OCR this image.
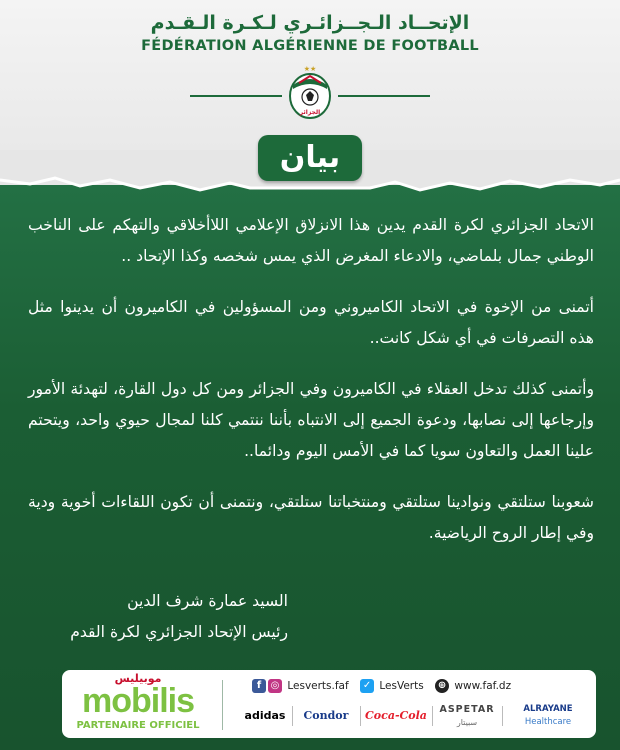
الإتحــاد الـجــزائـري لـكـرة الـقـدم
FÉDÉRATION ALGÉRIENNE DE FOOTBALL
★★
الجزائر
بيان

الاتحاد الجزائري لكرة القدم يدين هذا الانزلاق الإعلامي اللاأخلاقي والتهكم على الناخب الوطني جمال بلماضي، والادعاء المغرض الذي يمس شخصه وكذا الإتحاد ..

أتمنى من الإخوة في الاتحاد الكاميروني ومن المسؤولين في الكاميرون أن يدينوا مثل هذه التصرفات في أي شكل كانت..

وأتمنى كذلك تدخل العقلاء في الكاميرون وفي الجزائر ومن كل دول القارة، لتهدئة الأمور وإرجاعها إلى نصابها، ودعوة الجميع إلى الانتباه بأننا ننتمي كلنا لمجال حيوي واحد، ويتحتم علينا العمل والتعاون سويا كما في الأمس اليوم ودائما..

شعوبنا ستلتقي ونوادينا ستلتقي ومنتخباتنا ستلتقي، ونتمنى أن تكون اللقاءات أخوية ودية وفي إطار الروح الرياضية.

السيد عمارة شرف الدين
رئيس الإتحاد الجزائري لكرة القدم
موبيليس
mobilis
PARTENAIRE OFFICIEL
f ◎ Lesverts.faf ✓ LesVerts ⊕ www.faf.dz
adidas	Condor	Coca-Cola	ASPETAR
سبيتار
ALRAYANE
Healthcare
